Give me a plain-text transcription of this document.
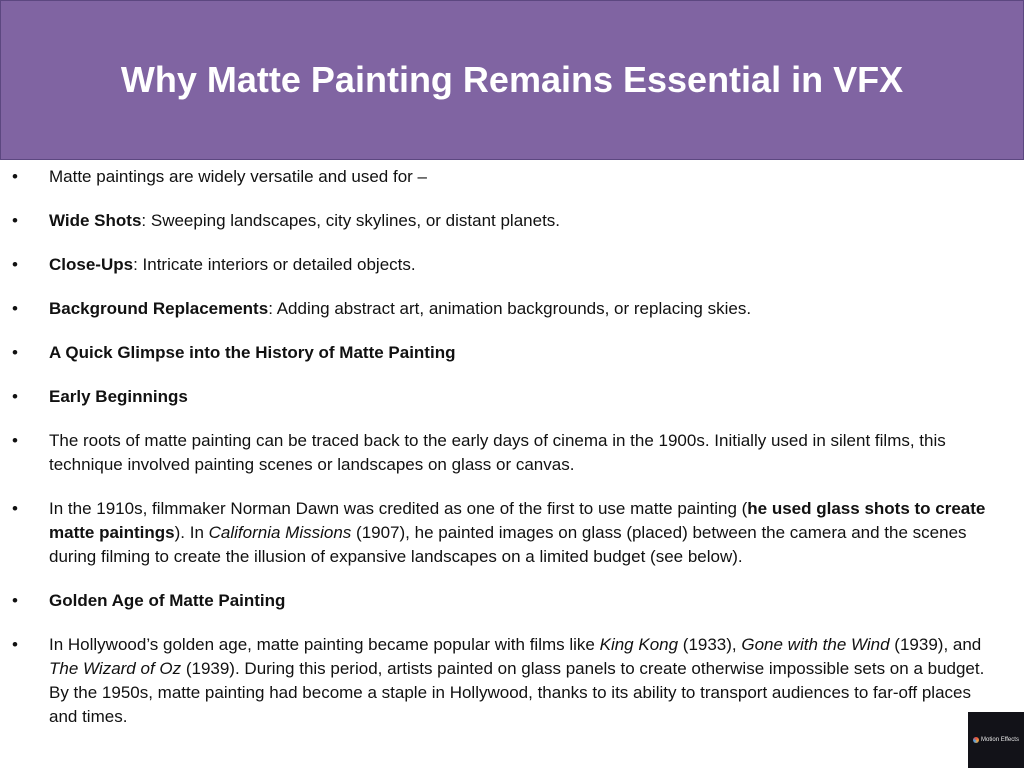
Why Matte Painting Remains Essential in VFX
• Matte paintings are widely versatile and used for –
• Wide Shots: Sweeping landscapes, city skylines, or distant planets.
• Close-Ups: Intricate interiors or detailed objects.
• Background Replacements: Adding abstract art, animation backgrounds, or replacing skies.
• A Quick Glimpse into the History of Matte Painting
• Early Beginnings
• The roots of matte painting can be traced back to the early days of cinema in the 1900s. Initially used in silent films, this technique involved painting scenes or landscapes on glass or canvas.
• In the 1910s, filmmaker Norman Dawn was credited as one of the first to use matte painting (he used glass shots to create matte paintings). In California Missions (1907), he painted images on glass (placed) between the camera and the scenes during filming to create the illusion of expansive landscapes on a limited budget (see below).
• Golden Age of Matte Painting
• In Hollywood’s golden age, matte painting became popular with films like King Kong (1933), Gone with the Wind (1939), and The Wizard of Oz (1939). During this period, artists painted on glass panels to create otherwise impossible sets on a budget. By the 1950s, matte painting had become a staple in Hollywood, thanks to its ability to transport audiences to far-off places and times.
Motion Effects
